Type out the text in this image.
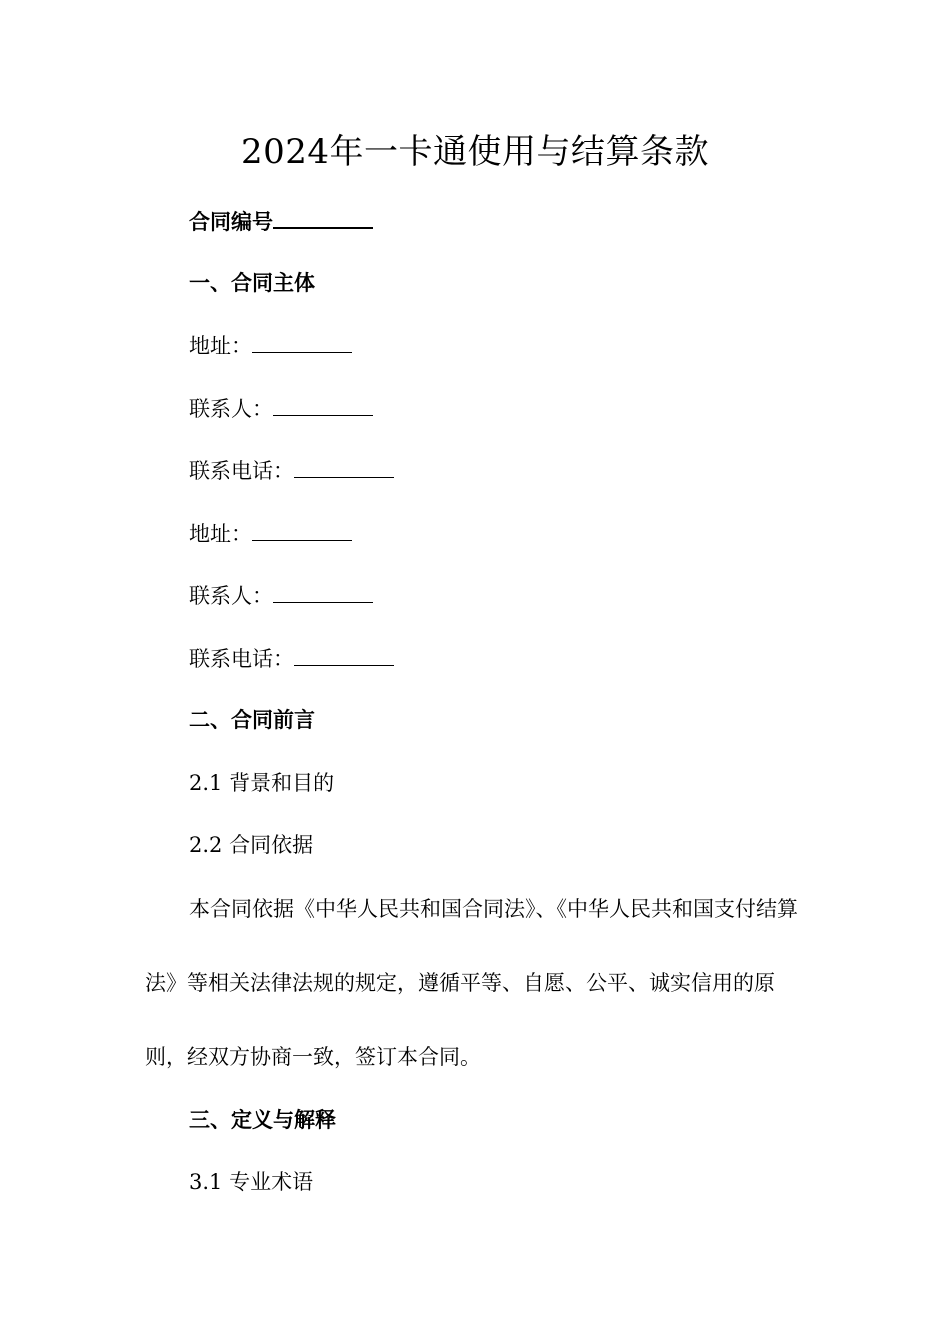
2024年一卡通使用与结算条款
合同编号
一、合同主体
地址：
联系人：
联系电话：
地址：
联系人：
联系电话：
二、合同前言
2.1 背景和目的
2.2 合同依据
本合同依据《中华人民共和国合同法》、《中华人民共和国支付结算法》等相关法律法规的规定，遵循平等、自愿、公平、诚实信用的原则，经双方协商一致，签订本合同。
三、定义与解释
3.1 专业术语
